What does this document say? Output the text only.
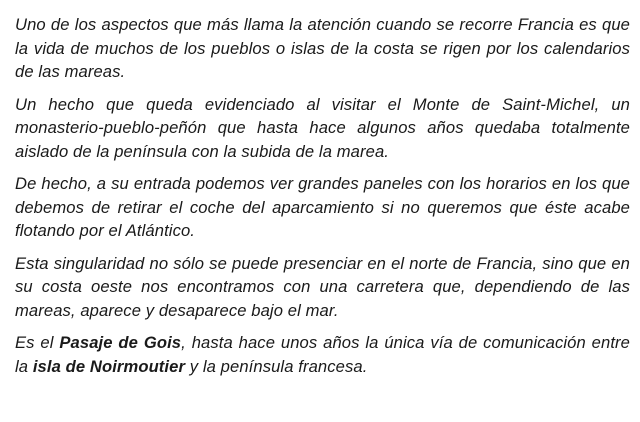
Uno de los aspectos que más llama la atención cuando se recorre Francia es que la vida de muchos de los pueblos o islas de la costa se rigen por los calendarios de las mareas.

Un hecho que queda evidenciado al visitar el Monte de Saint-Michel, un monasterio-pueblo-peñón que hasta hace algunos años quedaba totalmente aislado de la península con la subida de la marea.

De hecho, a su entrada podemos ver grandes paneles con los horarios en los que debemos de retirar el coche del aparcamiento si no queremos que éste acabe flotando por el Atlántico.

Esta singularidad no sólo se puede presenciar en el norte de Francia, sino que en su costa oeste nos encontramos con una carretera que, dependiendo de las mareas, aparece y desaparece bajo el mar.

Es el Pasaje de Gois, hasta hace unos años la única vía de comunicación entre la isla de Noirmoutier y la península francesa.
